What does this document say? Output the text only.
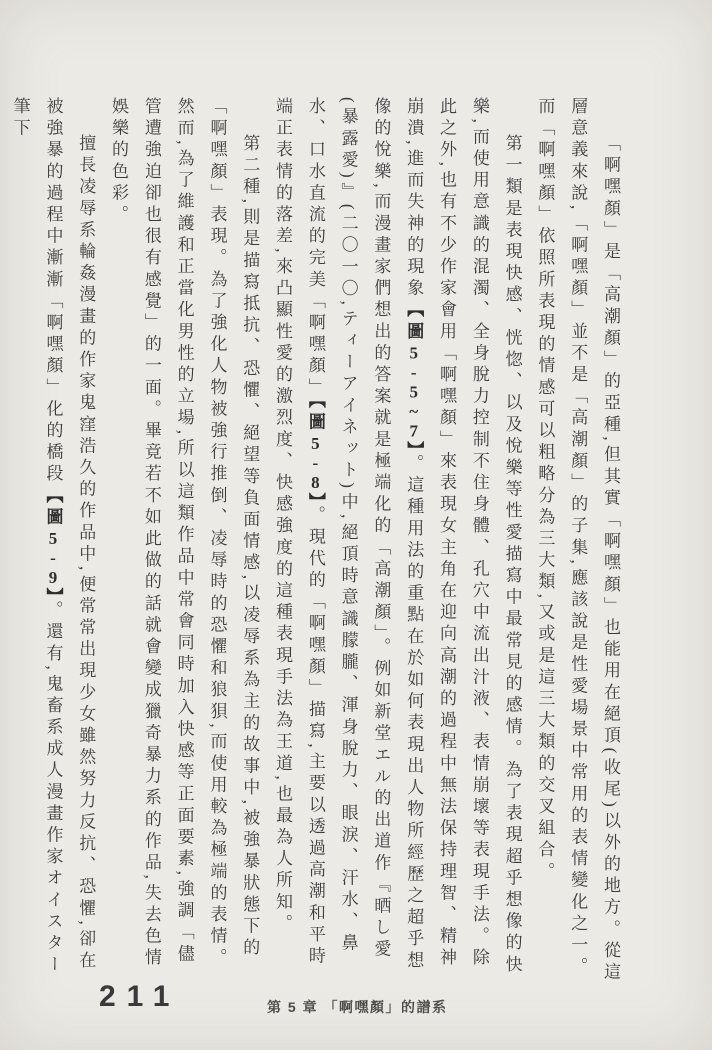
「啊嘿顏」是「高潮顏」的亞種,但其實「啊嘿顏」也能用在絕頂(收尾)以外的地方。從這層意義來說,「啊嘿顏」並不是「高潮顏」的子集,應該說是性愛場景中常用的表情變化之一。而「啊嘿顏」依照所表現的情感可以粗略分為三大類,又或是這三大類的交叉組合。

第一類是表現快感、恍惚、以及悅樂等性愛描寫中最常見的感情。為了表現超乎想像的快樂,而使用意識的混濁、全身脫力控制不住身體、孔穴中流出汁液、表情崩壞等表現手法。除此之外,也有不少作家會用「啊嘿顏」來表現女主角在迎向高潮的過程中無法保持理智、精神崩潰,進而失神的現象【圖5-5~7】。這種用法的重點在於如何表現出人物所經歷之超乎想像的悅樂,而漫畫家們想出的答案就是極端化的「高潮顏」。例如新堂エル的出道作『晒し愛(暴露愛)』(二〇一〇,ティーアイネット)中,絕頂時意識朦朧、渾身脫力、眼淚、汗水、鼻水、口水直流的完美「啊嘿顏」【圖5-8】。現代的「啊嘿顏」描寫,主要以透過高潮和平時端正表情的落差,來凸顯性愛的激烈度、快感強度的這種表現手法為王道,也最為人所知。

第二種,則是描寫抵抗、恐懼、絕望等負面情感,以凌辱系為主的故事中,被強暴狀態下的「啊嘿顏」表現。為了強化人物被強行推倒、凌辱時的恐懼和狼狽,而使用較為極端的表情。然而,為了維護和正當化男性的立場,所以這類作品中常會同時加入快感等正面要素,強調「儘管遭強迫卻也很有感覺」的一面。畢竟若不如此做的話就會變成獵奇暴力系的作品,失去色情娛樂的色彩。

擅長凌辱系輪姦漫畫的作家鬼窪浩久的作品中,便常常出現少女雖然努力反抗、恐懼,卻在被強暴的過程中漸漸「啊嘿顏」化的橋段【圖5-9】。還有,鬼畜系成人漫畫作家オイスター筆下

211	第 5 章 「啊嘿顏」的譜系
